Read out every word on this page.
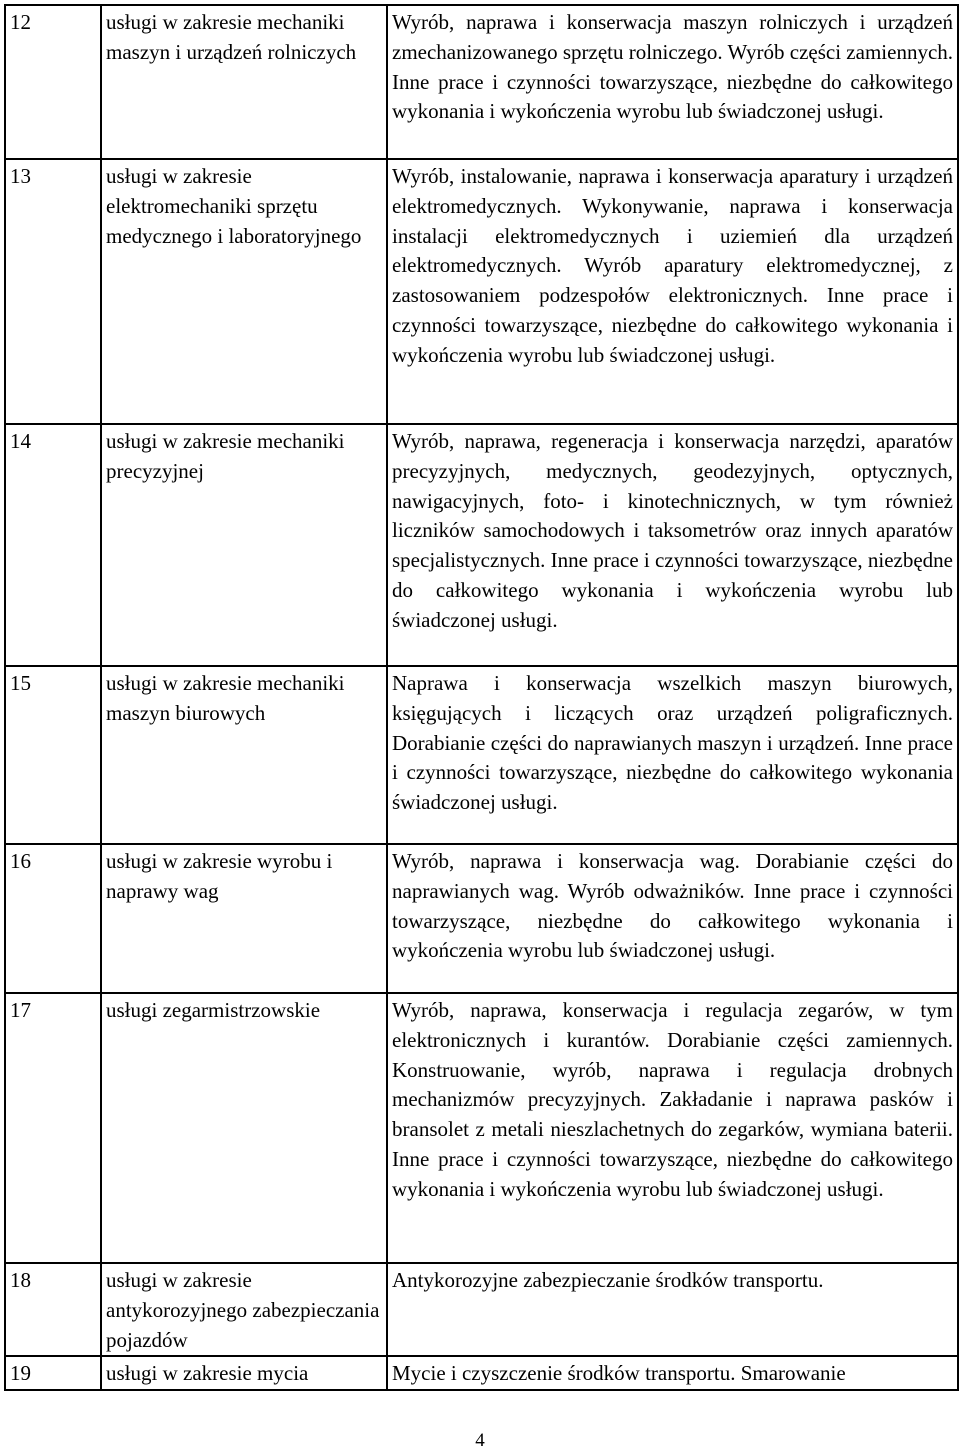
12	usługi w zakresie mechaniki maszyn i urządzeń rolniczych	Wyrób, naprawa i konserwacja maszyn rolniczych i urządzeń zmechanizowanego sprzętu rolniczego. Wyrób części zamiennych. Inne prace i czynności towarzyszące, niezbędne do całkowitego wykonania i wykończenia wyrobu lub świadczonej usługi.
13	usługi w zakresie elektromechaniki sprzętu medycznego i laboratoryjnego	Wyrób, instalowanie, naprawa i konserwacja aparatury i urządzeń elektromedycznych. Wykonywanie, naprawa i konserwacja instalacji elektromedycznych i uziemień dla urządzeń elektromedycznych. Wyrób aparatury elektromedycznej, z zastosowaniem podzespołów elektronicznych. Inne prace i czynności towarzyszące, niezbędne do całkowitego wykonania i wykończenia wyrobu lub świadczonej usługi.
14	usługi w zakresie mechaniki precyzyjnej	Wyrób, naprawa, regeneracja i konserwacja narzędzi, aparatów precyzyjnych, medycznych, geodezyjnych, optycznych, nawigacyjnych, foto- i kinotechnicznych, w tym również liczników samochodowych i taksometrów oraz innych aparatów specjalistycznych. Inne prace i czynności towarzyszące, niezbędne do całkowitego wykonania i wykończenia wyrobu lub świadczonej usługi.
15	usługi w zakresie mechaniki maszyn biurowych	Naprawa i konserwacja wszelkich maszyn biurowych, księgujących i liczących oraz urządzeń poligraficznych. Dorabianie części do naprawianych maszyn i urządzeń. Inne prace i czynności towarzyszące, niezbędne do całkowitego wykonania świadczonej usługi.
16	usługi w zakresie wyrobu i naprawy wag	Wyrób, naprawa i konserwacja wag. Dorabianie części do naprawianych wag. Wyrób odważników. Inne prace i czynności towarzyszące, niezbędne do całkowitego wykonania i wykończenia wyrobu lub świadczonej usługi.
17	usługi zegarmistrzowskie	Wyrób, naprawa, konserwacja i regulacja zegarów, w tym elektronicznych i kurantów. Dorabianie części zamiennych. Konstruowanie, wyrób, naprawa i regulacja drobnych mechanizmów precyzyjnych. Zakładanie i naprawa pasków i bransolet z metali nieszlachetnych do zegarków, wymiana baterii. Inne prace i czynności towarzyszące, niezbędne do całkowitego wykonania i wykończenia wyrobu lub świadczonej usługi.
18	usługi w zakresie antykorozyjnego zabezpieczania pojazdów	Antykorozyjne zabezpieczanie środków transportu.
19	usługi w zakresie mycia	Mycie i czyszczenie środków transportu. Smarowanie
4
